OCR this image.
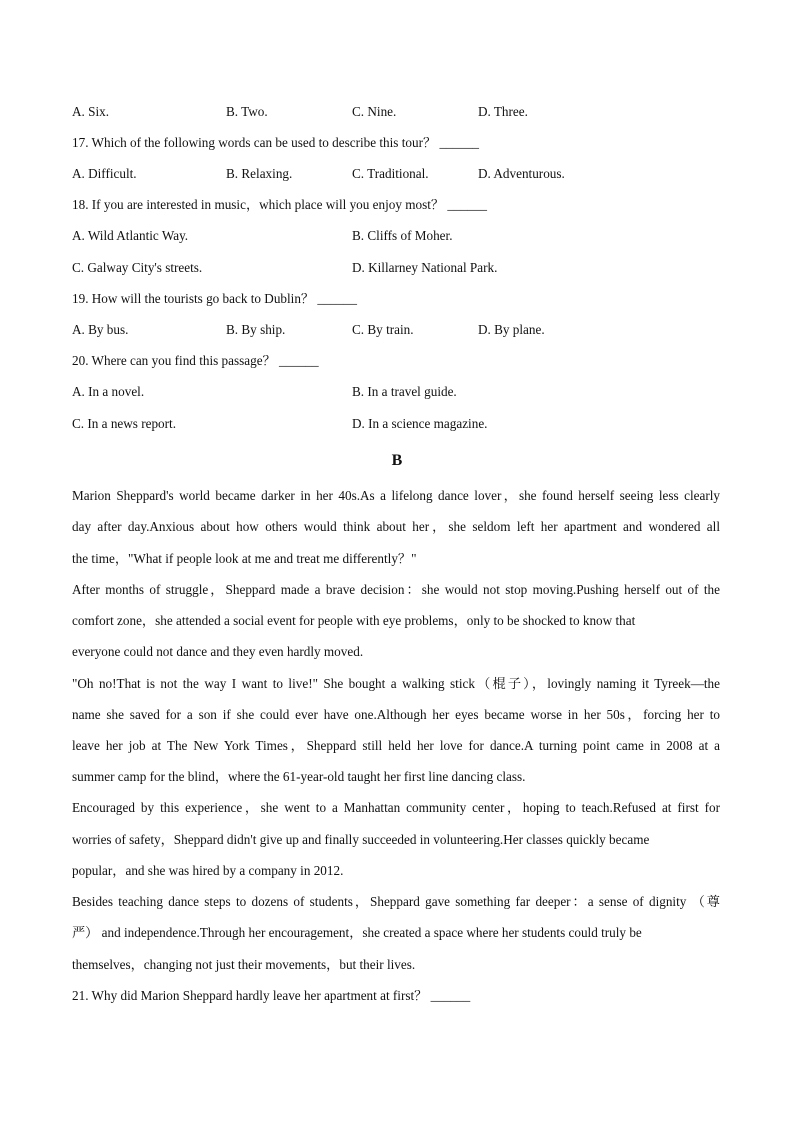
A. Six.	B. Two.	C. Nine.	D. Three.
17. Which of the following words can be used to describe this tour？ ______
A. Difficult.	B. Relaxing.	C. Traditional.	D. Adventurous.
18. If you are interested in music，which place will you enjoy most？ ______
A. Wild Atlantic Way.	B. Cliffs of Moher.
C. Galway City's streets.	D. Killarney National Park.
19. How will the tourists go back to Dublin？ ______
A. By bus.	B. By ship.	C. By train.	D. By plane.
20. Where can you find this passage？ ______
A. In a novel.	B. In a travel guide.
C. In a news report.	D. In a science magazine.
B
Marion Sheppard's world became darker in her 40s.As a lifelong dance lover，she found herself seeing less clearly
day after day.Anxious about how others would think about her，she seldom left her apartment and wondered all
the time，"What if people look at me and treat me differently？"
After months of struggle，Sheppard made a brave decision：she would not stop moving.Pushing herself out of the
comfort zone，she attended a social event for people with eye problems，only to be shocked to know that
everyone could not dance and they even hardly moved.
"Oh no!That is not the way I want to live!" She bought a walking stick（棍子），lovingly naming it Tyreek—the
name she saved for a son if she could ever have one.Although her eyes became worse in her 50s，forcing her to
leave her job at The New York Times，Sheppard still held her love for dance.A turning point came in 2008 at a
summer camp for the blind，where the 61-year-old taught her first line dancing class.
Encouraged by this experience，she went to a Manhattan community center，hoping to teach.Refused at first for
worries of safety，Sheppard didn't give up and finally succeeded in volunteering.Her classes quickly became
popular，and she was hired by a company in 2012.
Besides teaching dance steps to dozens of students，Sheppard gave something far deeper：a sense of dignity （尊
严） and independence.Through her encouragement，she created a space where her students could truly be
themselves，changing not just their movements，but their lives.
21. Why did Marion Sheppard hardly leave her apartment at first？ ______
